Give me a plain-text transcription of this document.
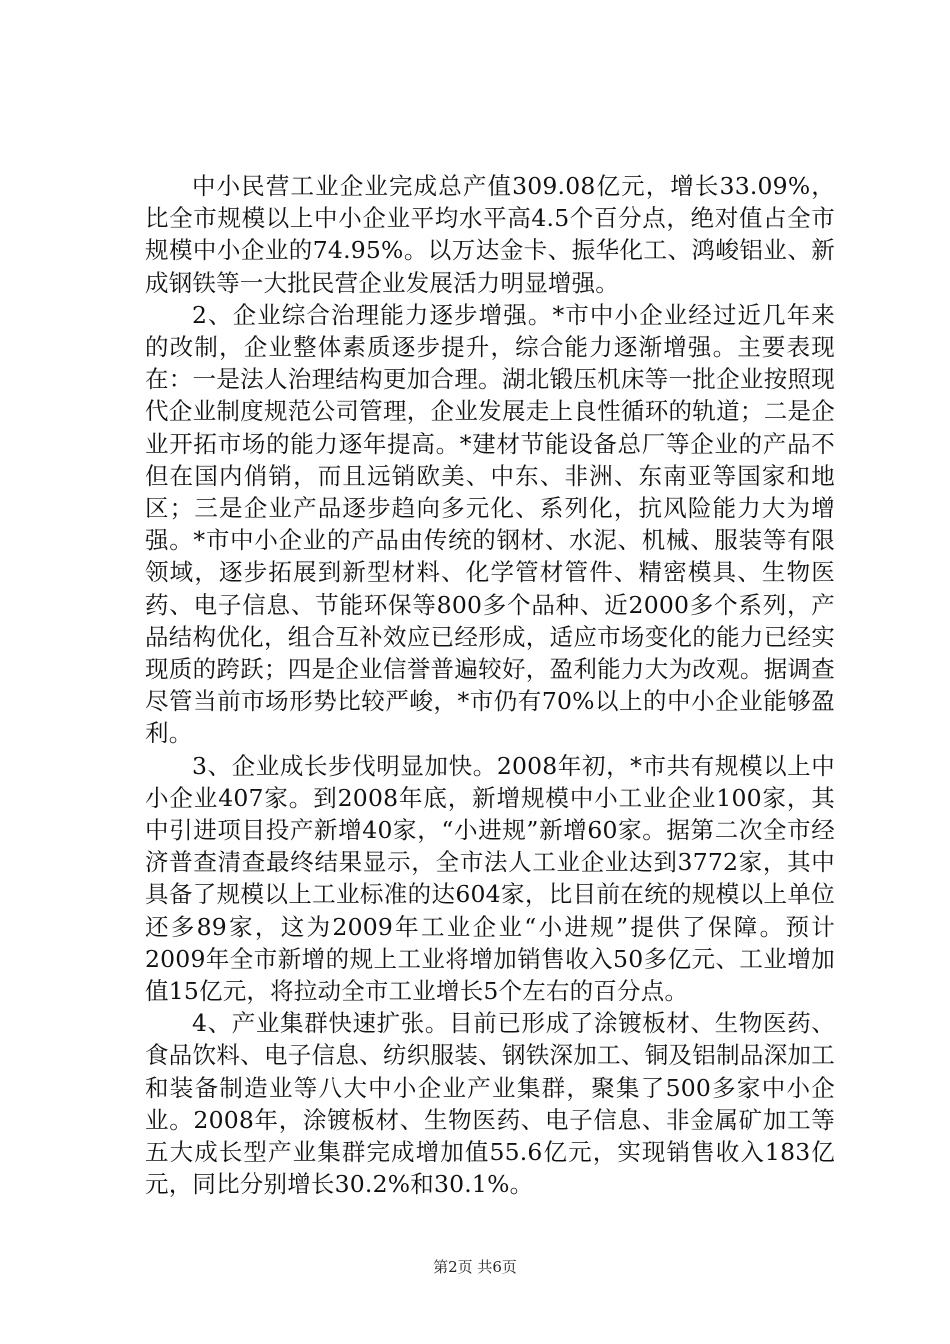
中小民营工业企业完成总产值309.08亿元，增长33.09%，比全市规模以上中小企业平均水平高4.5个百分点，绝对值占全市规模中小企业的74.95%。以万达金卡、振华化工、鸿峻铝业、新成钢铁等一大批民营企业发展活力明显增强。

2、企业综合治理能力逐步增强。*市中小企业经过近几年来的改制，企业整体素质逐步提升，综合能力逐渐增强。主要表现在：一是法人治理结构更加合理。湖北锻压机床等一批企业按照现代企业制度规范公司管理，企业发展走上良性循环的轨道；二是企业开拓市场的能力逐年提高。*建材节能设备总厂等企业的产品不但在国内俏销，而且远销欧美、中东、非洲、东南亚等国家和地区；三是企业产品逐步趋向多元化、系列化，抗风险能力大为增强。*市中小企业的产品由传统的钢材、水泥、机械、服装等有限领域，逐步拓展到新型材料、化学管材管件、精密模具、生物医药、电子信息、节能环保等800多个品种、近2000多个系列，产品结构优化，组合互补效应已经形成，适应市场变化的能力已经实现质的跨跃；四是企业信誉普遍较好，盈利能力大为改观。据调查尽管当前市场形势比较严峻，*市仍有70%以上的中小企业能够盈利。

3、企业成长步伐明显加快。2008年初，*市共有规模以上中小企业407家。到2008年底，新增规模中小工业企业100家，其中引进项目投产新增40家，“小进规”新增60家。据第二次全市经济普查清查最终结果显示，全市法人工业企业达到3772家，其中具备了规模以上工业标准的达604家，比目前在统的规模以上单位还多89家，这为2009年工业企业“小进规”提供了保障。预计2009年全市新增的规上工业将增加销售收入50多亿元、工业增加值15亿元，将拉动全市工业增长5个左右的百分点。

4、产业集群快速扩张。目前已形成了涂镀板材、生物医药、食品饮料、电子信息、纺织服装、钢铁深加工、铜及铝制品深加工和装备制造业等八大中小企业产业集群，聚集了500多家中小企业。2008年，涂镀板材、生物医药、电子信息、非金属矿加工等五大成长型产业集群完成增加值55.6亿元，实现销售收入183亿元，同比分别增长30.2%和30.1%。

第2页 共6页
